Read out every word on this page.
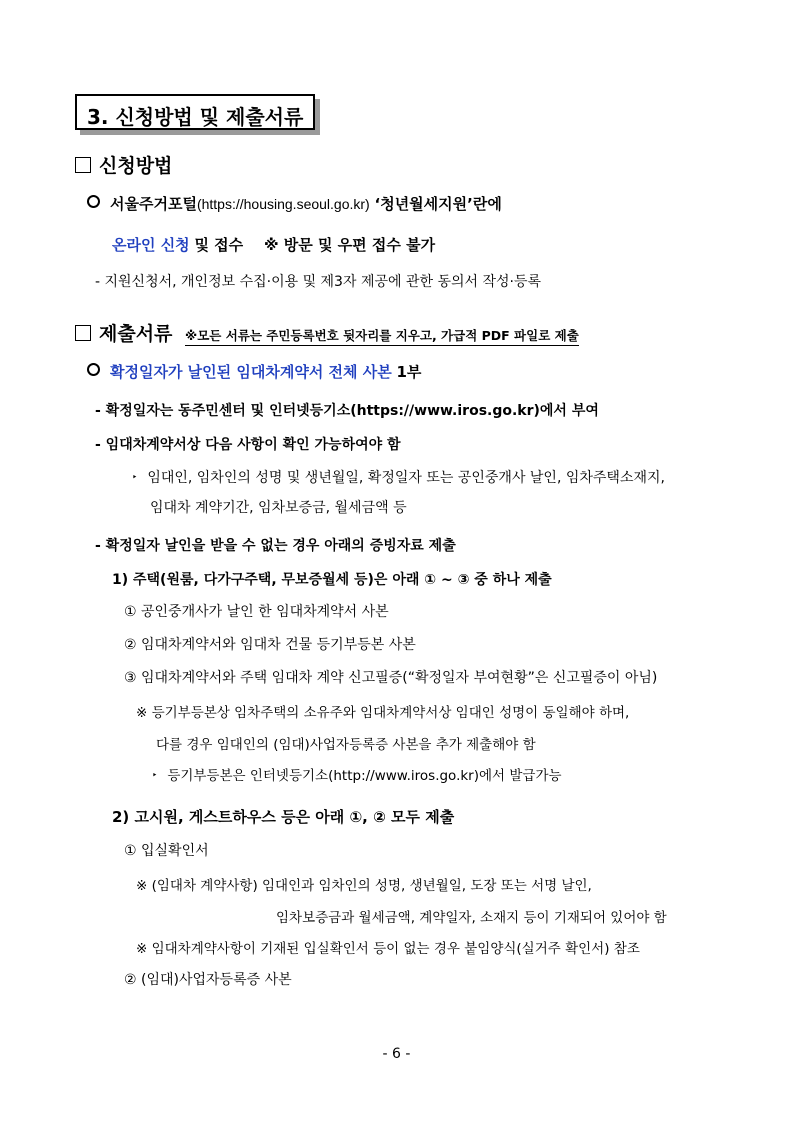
3. 신청방법 및 제출서류
신청방법
서울주거포털(https://housing.seoul.go.kr) ‘청년월세지원’란에
온라인 신청 및 접수 ※ 방문 및 우편 접수 불가
- 지원신청서, 개인정보 수집·이용 및 제3자 제공에 관한 동의서 작성·등록
제출서류 ※모든 서류는 주민등록번호 뒷자리를 지우고, 가급적 PDF 파일로 제출
확정일자가 날인된 임대차계약서 전체 사본 1부
- 확정일자는 동주민센터 및 인터넷등기소(https://www.iros.go.kr)에서 부여
- 임대차계약서상 다음 사항이 확인 가능하여야 함
‣ 임대인, 임차인의 성명 및 생년월일, 확정일자 또는 공인중개사 날인, 임차주택소재지,
임대차 계약기간, 임차보증금, 월세금액 등
- 확정일자 날인을 받을 수 없는 경우 아래의 증빙자료 제출
1) 주택(원룸, 다가구주택, 무보증월세 등)은 아래 ① ~ ③ 중 하나 제출
① 공인중개사가 날인 한 임대차계약서 사본
② 임대차계약서와 임대차 건물 등기부등본 사본
③ 임대차계약서와 주택 임대차 계약 신고필증(“확정일자 부여현황”은 신고필증이 아님)
※ 등기부등본상 임차주택의 소유주와 임대차계약서상 임대인 성명이 동일해야 하며,
다를 경우 임대인의 (임대)사업자등록증 사본을 추가 제출해야 함
‣ 등기부등본은 인터넷등기소(http://www.iros.go.kr)에서 발급가능
2) 고시원, 게스트하우스 등은 아래 ①, ② 모두 제출
① 입실확인서
※ (임대차 계약사항) 임대인과 임차인의 성명, 생년월일, 도장 또는 서명 날인,
임차보증금과 월세금액, 계약일자, 소재지 등이 기재되어 있어야 함
※ 임대차계약사항이 기재된 입실확인서 등이 없는 경우 붙임양식(실거주 확인서) 참조
② (임대)사업자등록증 사본
- 6 -
